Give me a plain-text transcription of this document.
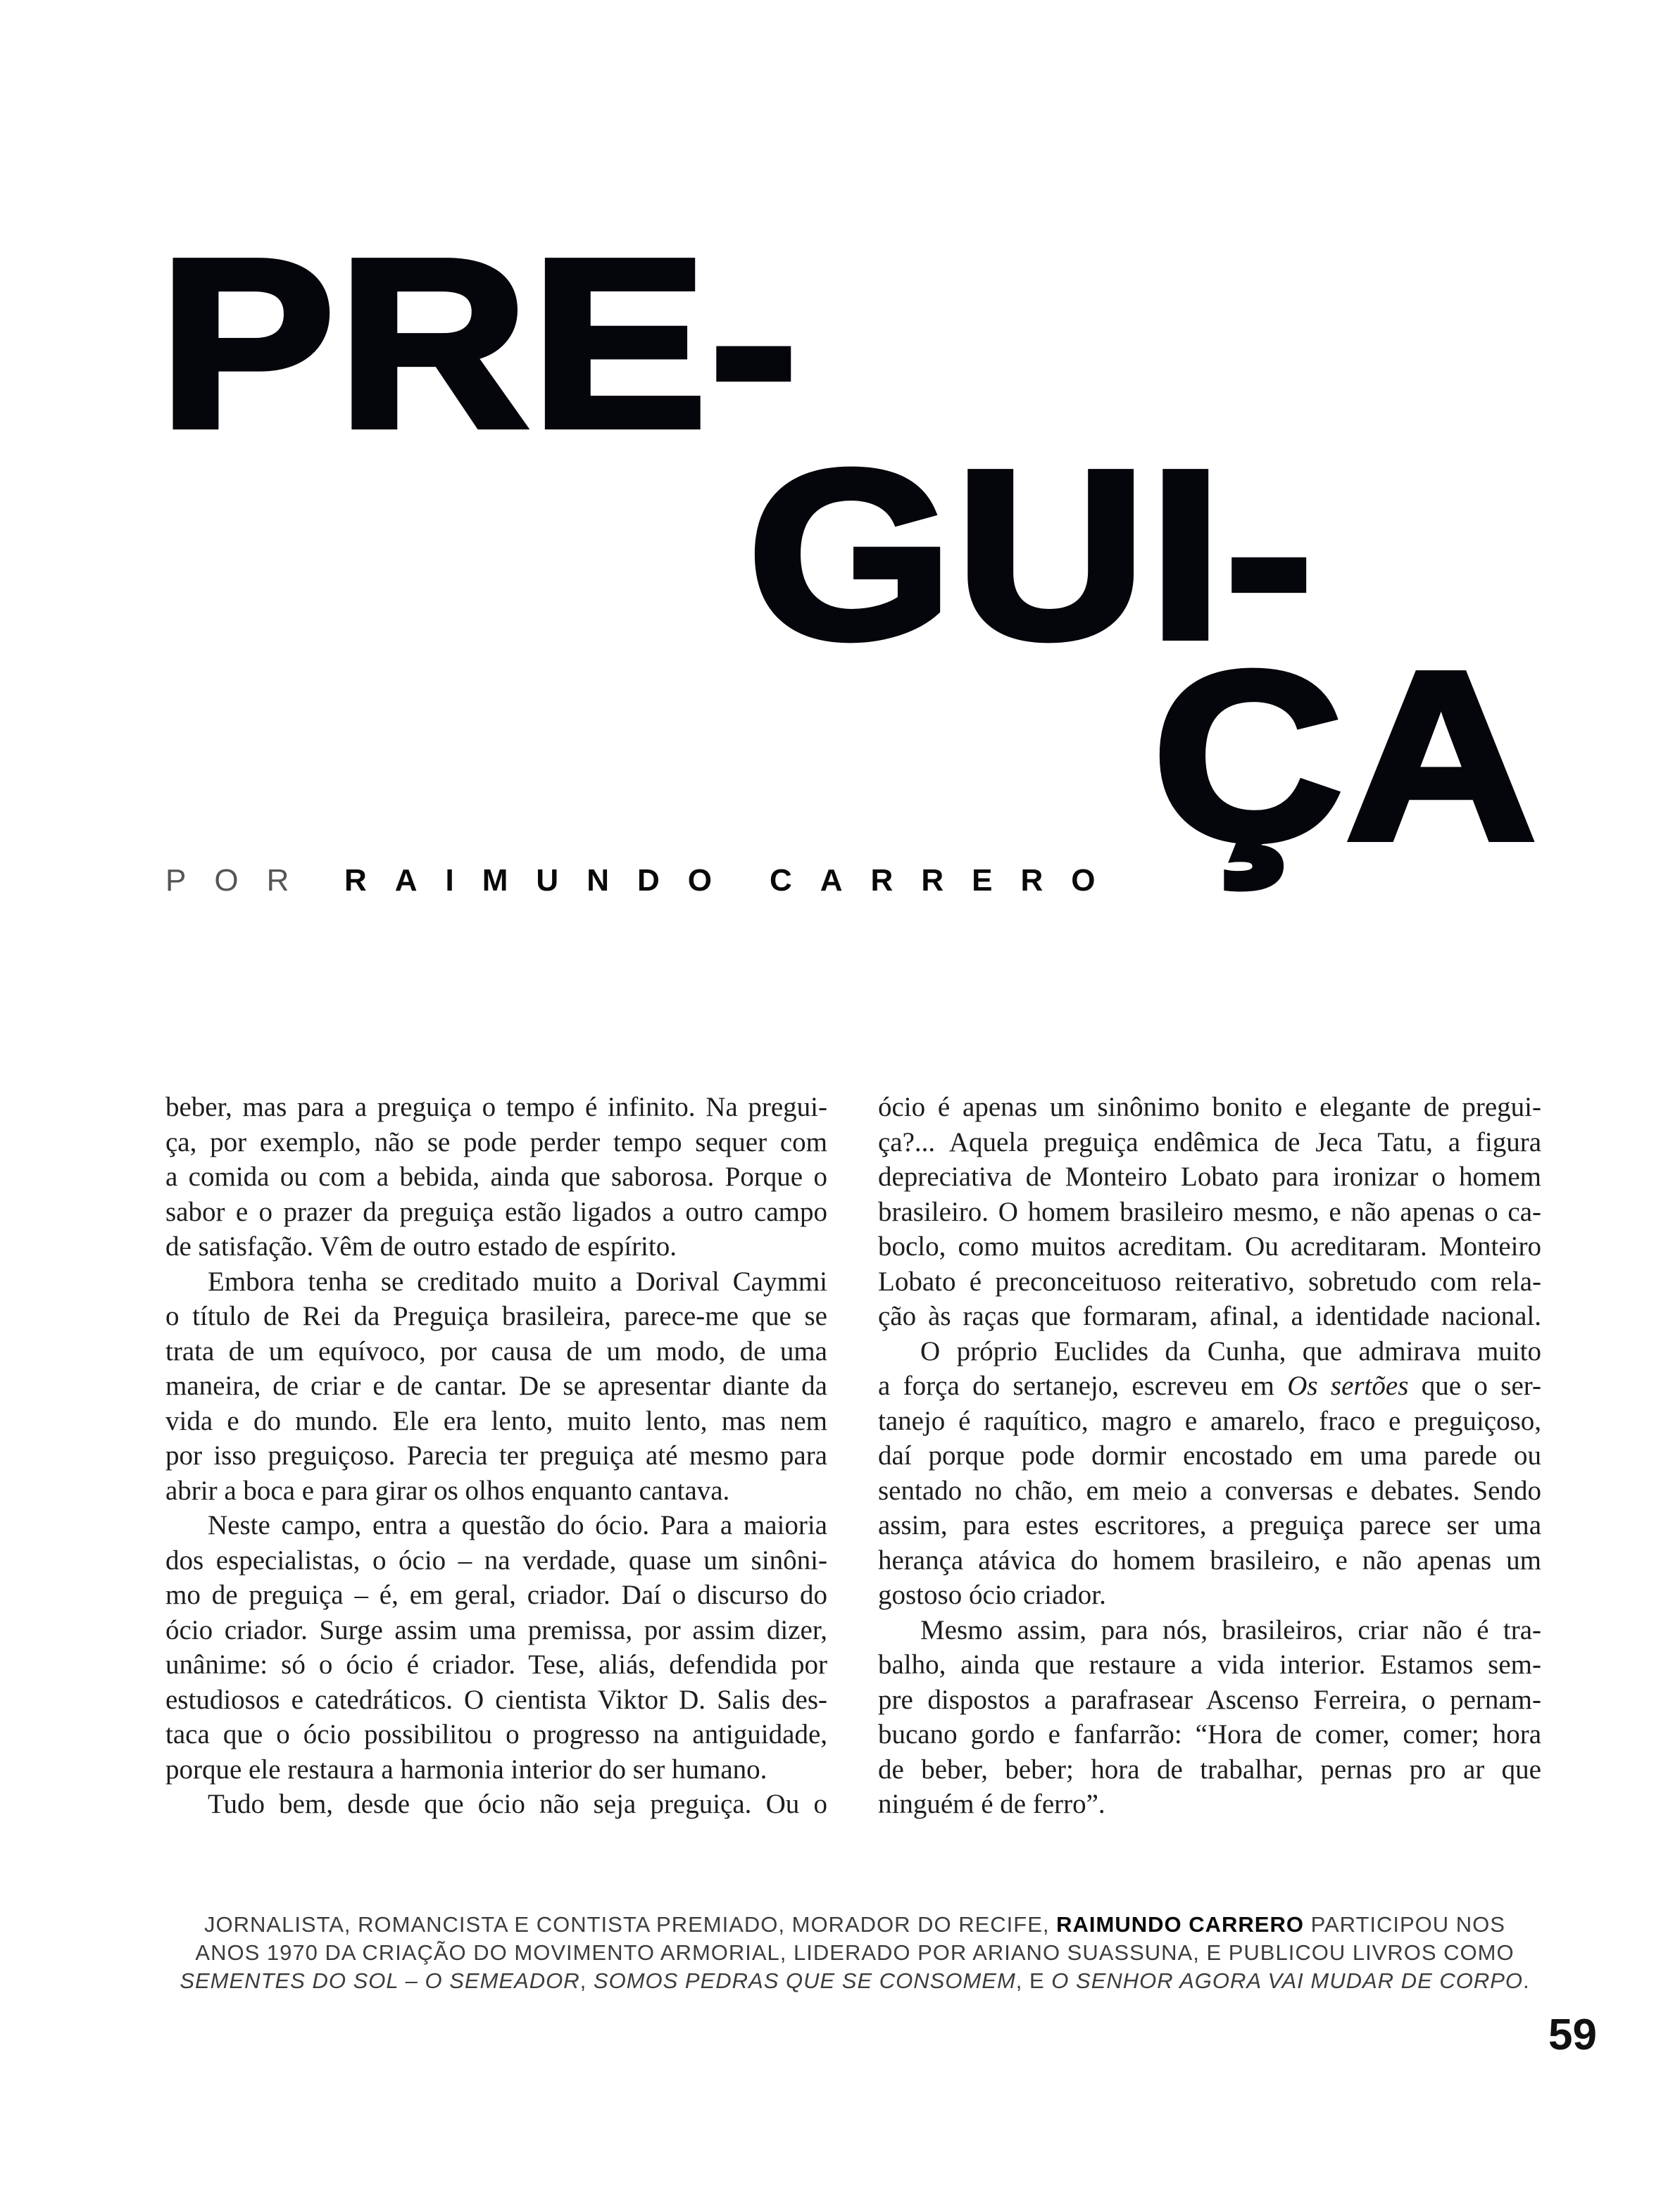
PRE-
GUI-
ÇA
POR RAIMUNDO CARRERO
beber, mas para a preguiça o tempo é infinito. Na pregui-
ça, por exemplo, não se pode perder tempo sequer com
a comida ou com a bebida, ainda que saborosa. Porque o
sabor e o prazer da preguiça estão ligados a outro campo
de satisfação. Vêm de outro estado de espírito.
Embora tenha se creditado muito a Dorival Caymmi
o título de Rei da Preguiça brasileira, parece-me que se
trata de um equívoco, por causa de um modo, de uma
maneira, de criar e de cantar. De se apresentar diante da
vida e do mundo. Ele era lento, muito lento, mas nem
por isso preguiçoso. Parecia ter preguiça até mesmo para
abrir a boca e para girar os olhos enquanto cantava.
Neste campo, entra a questão do ócio. Para a maioria
dos especialistas, o ócio – na verdade, quase um sinôni-
mo de preguiça – é, em geral, criador. Daí o discurso do
ócio criador. Surge assim uma premissa, por assim dizer,
unânime: só o ócio é criador. Tese, aliás, defendida por
estudiosos e catedráticos. O cientista Viktor D. Salis des-
taca que o ócio possibilitou o progresso na antiguidade,
porque ele restaura a harmonia interior do ser humano.
Tudo bem, desde que ócio não seja preguiça. Ou o
ócio é apenas um sinônimo bonito e elegante de pregui-
ça?... Aquela preguiça endêmica de Jeca Tatu, a figura
depreciativa de Monteiro Lobato para ironizar o homem
brasileiro. O homem brasileiro mesmo, e não apenas o ca-
boclo, como muitos acreditam. Ou acreditaram. Monteiro
Lobato é preconceituoso reiterativo, sobretudo com rela-
ção às raças que formaram, afinal, a identidade nacional.
O próprio Euclides da Cunha, que admirava muito
a força do sertanejo, escreveu em Os sertões que o ser-
tanejo é raquítico, magro e amarelo, fraco e preguiçoso,
daí porque pode dormir encostado em uma parede ou
sentado no chão, em meio a conversas e debates. Sendo
assim, para estes escritores, a preguiça parece ser uma
herança atávica do homem brasileiro, e não apenas um
gostoso ócio criador.
Mesmo assim, para nós, brasileiros, criar não é tra-
balho, ainda que restaure a vida interior. Estamos sem-
pre dispostos a parafrasear Ascenso Ferreira, o pernam-
bucano gordo e fanfarrão: “Hora de comer, comer; hora
de beber, beber; hora de trabalhar, pernas pro ar que
ninguém é de ferro”.
JORNALISTA, ROMANCISTA E CONTISTA PREMIADO, MORADOR DO RECIFE, RAIMUNDO CARRERO PARTICIPOU NOS
ANOS 1970 DA CRIAÇÃO DO MOVIMENTO ARMORIAL, LIDERADO POR ARIANO SUASSUNA, E PUBLICOU LIVROS COMO
SEMENTES DO SOL – O SEMEADOR, SOMOS PEDRAS QUE SE CONSOMEM, E O SENHOR AGORA VAI MUDAR DE CORPO.
59
